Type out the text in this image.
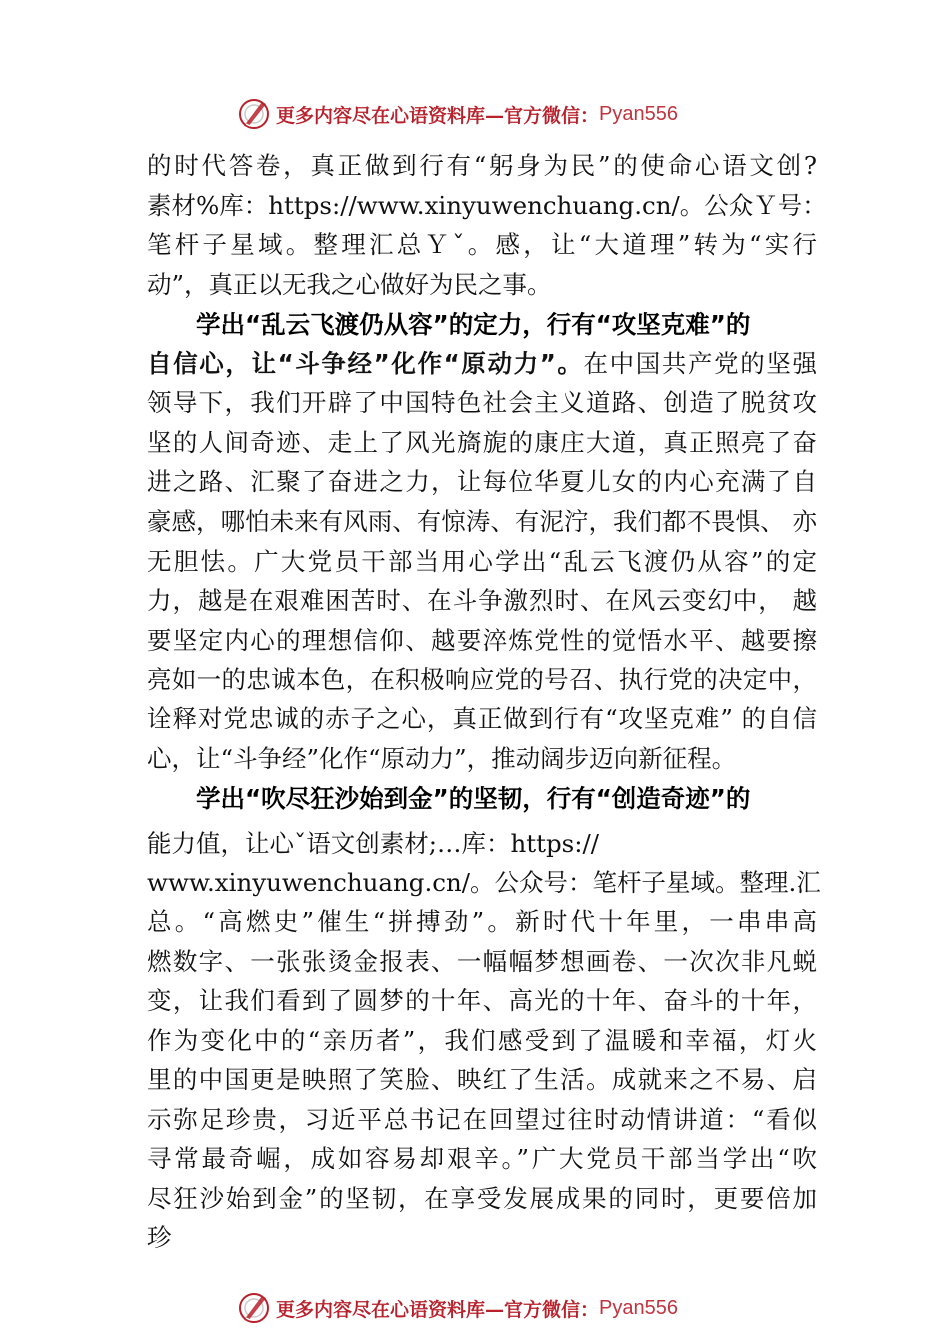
更多内容尽在心语资料库—官方微信： Pyan556
的时代答卷，真正做到行有“躬身为民”的使命心语文创?
素材%库：https://www.xinyuwenchuang.cn/。公众Ｙ号：
笔杆子星域。整理汇总Ｙˇ。感，让“大道理”转为“实行
动”，真正以无我之心做好为民之事。
学出“乱云飞渡仍从容”的定力，行有“攻坚克难”的
自信心，让“斗争经”化作“原动力”。在中国共产党的坚强
领导下，我们开辟了中国特色社会主义道路、创造了脱贫攻
坚的人间奇迹、走上了风光旖旎的康庄大道，真正照亮了奋
进之路、汇聚了奋进之力，让每位华夏儿女的内心充满了自
豪感，哪怕未来有风雨、有惊涛、有泥泞，我们都不畏惧、 亦
无胆怯。广大党员干部当用心学出“乱云飞渡仍从容”的定
力，越是在艰难困苦时、在斗争激烈时、在风云变幻中， 越
要坚定内心的理想信仰、越要淬炼党性的觉悟水平、越要擦
亮如一的忠诚本色，在积极响应党的号召、执行党的决定中，
诠释对党忠诚的赤子之心，真正做到行有“攻坚克难” 的自信
心，让“斗争经”化作“原动力”，推动阔步迈向新征程。
学出“吹尽狂沙始到金”的坚韧，行有“创造奇迹”的
能力值，让心ˇ语文创素材;…库：https://
www.xinyuwenchuang.cn/。公众号：笔杆子星域。整理.汇
总。“高燃史”催生“拼搏劲”。新时代十年里，一串串高
燃数字、一张张烫金报表、一幅幅梦想画卷、一次次非凡蜕
变，让我们看到了圆梦的十年、高光的十年、奋斗的十年，
作为变化中的“亲历者”，我们感受到了温暖和幸福，灯火
里的中国更是映照了笑脸、映红了生活。成就来之不易、启
示弥足珍贵，习近平总书记在回望过往时动情讲道：“看似
寻常最奇崛，成如容易却艰辛。”广大党员干部当学出“吹
尽狂沙始到金”的坚韧，在享受发展成果的同时，更要倍加
珍
更多内容尽在心语资料库—官方微信： Pyan556
